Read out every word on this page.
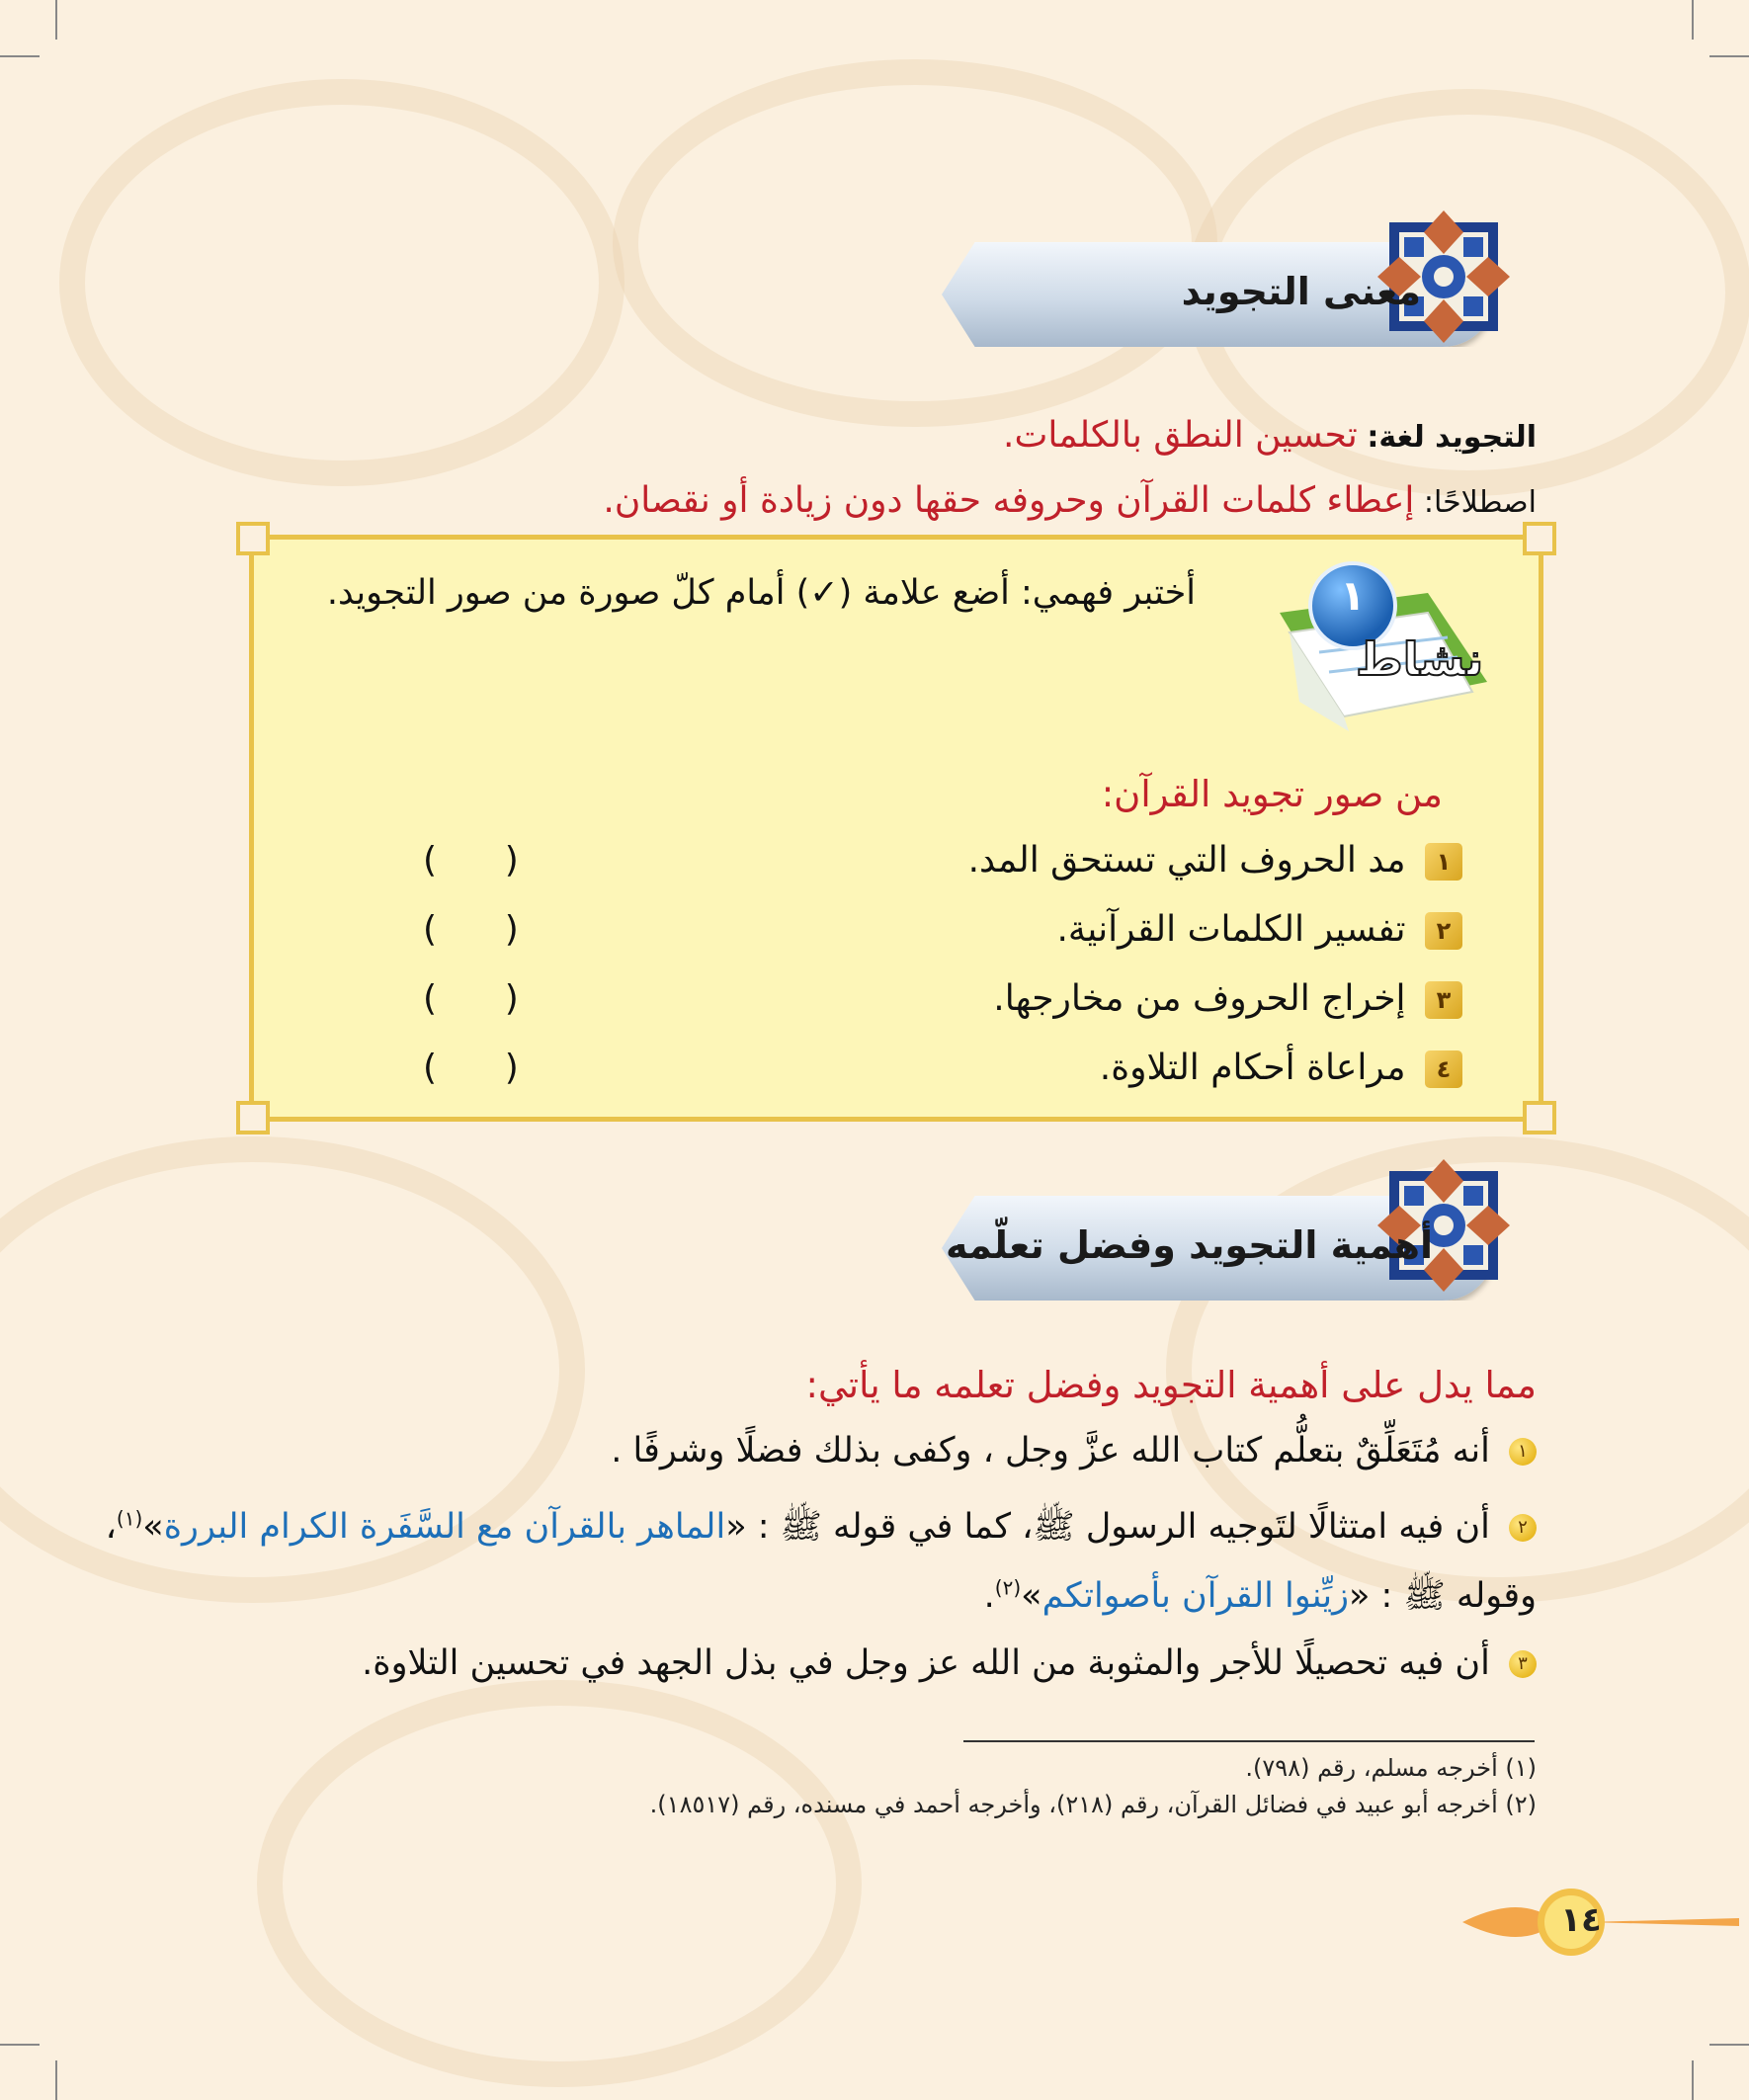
معنى التجويد
التجويد لغة: تحسين النطق بالكلمات.
اصطلاحًا: إعطاء كلمات القرآن وحروفه حقها دون زيادة أو نقصان.
١
نشاط
أختبر فهمي: أضع علامة (✓) أمام كلّ صورة من صور التجويد.
من صور تجويد القرآن:
١ مد الحروف التي تستحق المد.
٢ تفسير الكلمات القرآنية.
٣ إخراج الحروف من مخارجها.
٤ مراعاة أحكام التلاوة.
(      )
(      )
(      )
(      )
أهمية التجويد وفضل تعلّمه
مما يدل على أهمية التجويد وفضل تعلمه ما يأتي:
١ أنه مُتَعَلِّقٌ بتعلُّم كتاب الله عزَّ وجل ، وكفى بذلك فضلًا وشرفًا .
٢ أن فيه امتثالًا لتَوجيه الرسول ﷺ، كما في قوله ﷺ : «الماهر بالقرآن مع السَّفَرة الكرام البررة»$^{(١)}$،
وقوله ﷺ : «زيِّنوا القرآن بأصواتكم»$^{(٢)}$.
٣ أن فيه تحصيلًا للأجر والمثوبة من الله عز وجل في بذل الجهد في تحسين التلاوة.
(١) أخرجه مسلم، رقم (٧٩٨).
(٢) أخرجه أبو عبيد في فضائل القرآن، رقم (٢١٨)، وأخرجه أحمد في مسنده، رقم (١٨٥١٧).
١٤
